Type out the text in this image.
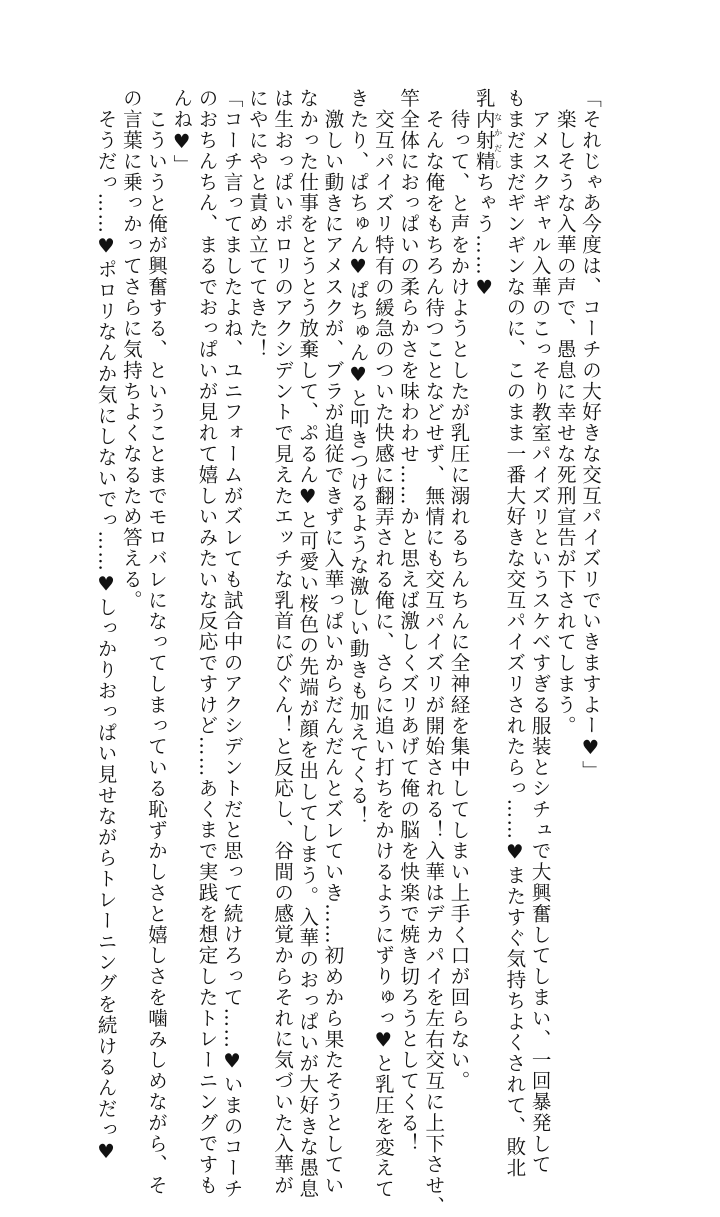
「それじゃあ今度は、コーチの大好きな交互パイズリでいきますよー♥」
楽しそうな入華の声で、愚息に幸せな死刑宣告が下されてしまう。
アメスクギャル入華のこっそり教室パイズリというスケベすぎる服装とシチュで大興奮してしまい、一回暴発して
もまだまだギンギンなのに、このまま一番大好きな交互パイズリされたらっ……♥またすぐ気持ちよくされて、敗北
乳内射精なかだしちゃう……♥
待って、と声をかけようとしたが乳圧に溺れるちんちんに全神経を集中してしまい上手く口が回らない。
そんな俺をもちろん待つことなどせず、無情にも交互パイズリが開始される！入華はデカパイを左右交互に上下させ、
竿全体におっぱいの柔らかさを味わわせ……かと思えば激しくズリあげて俺の脳を快楽で焼き切ろうとしてくる！
交互パイズリ特有の緩急のついた快感に翻弄される俺に、さらに追い打ちをかけるようにずりゅっ♥と乳圧を変えて
きたり、ぱちゅん♥ぱちゅん♥と叩きつけるような激しい動きも加えてくる！
激しい動きにアメスクが、ブラが追従できずに入華っぱいからだんだんとズレていき……初めから果たそうとしてい
なかった仕事をとうとう放棄して、ぷるん♥と可愛い桜色の先端が顔を出してしまう。入華のおっぱいが大好きな愚息
は生おっぱいポロリのアクシデントで見えたエッチな乳首にびぐん！と反応し、谷間の感覚からそれに気づいた入華が
にやにやと責め立ててきた！
「コーチ言ってましたよね、ユニフォームがズレても試合中のアクシデントだと思って続けろって……♥いまのコーチ
のおちんちん、まるでおっぱいが見れて嬉しいみたいな反応ですけど……あくまで実践を想定したトレーニングですも
んね♥」
こういうと俺が興奮する、ということまでモロバレになってしまっている恥ずかしさと嬉しさを噛みしめながら、そ
の言葉に乗っかってさらに気持ちよくなるため答える。
そうだっ……♥ポロリなんか気にしないでっ……♥しっかりおっぱい見せながらトレーニングを続けるんだっ♥
